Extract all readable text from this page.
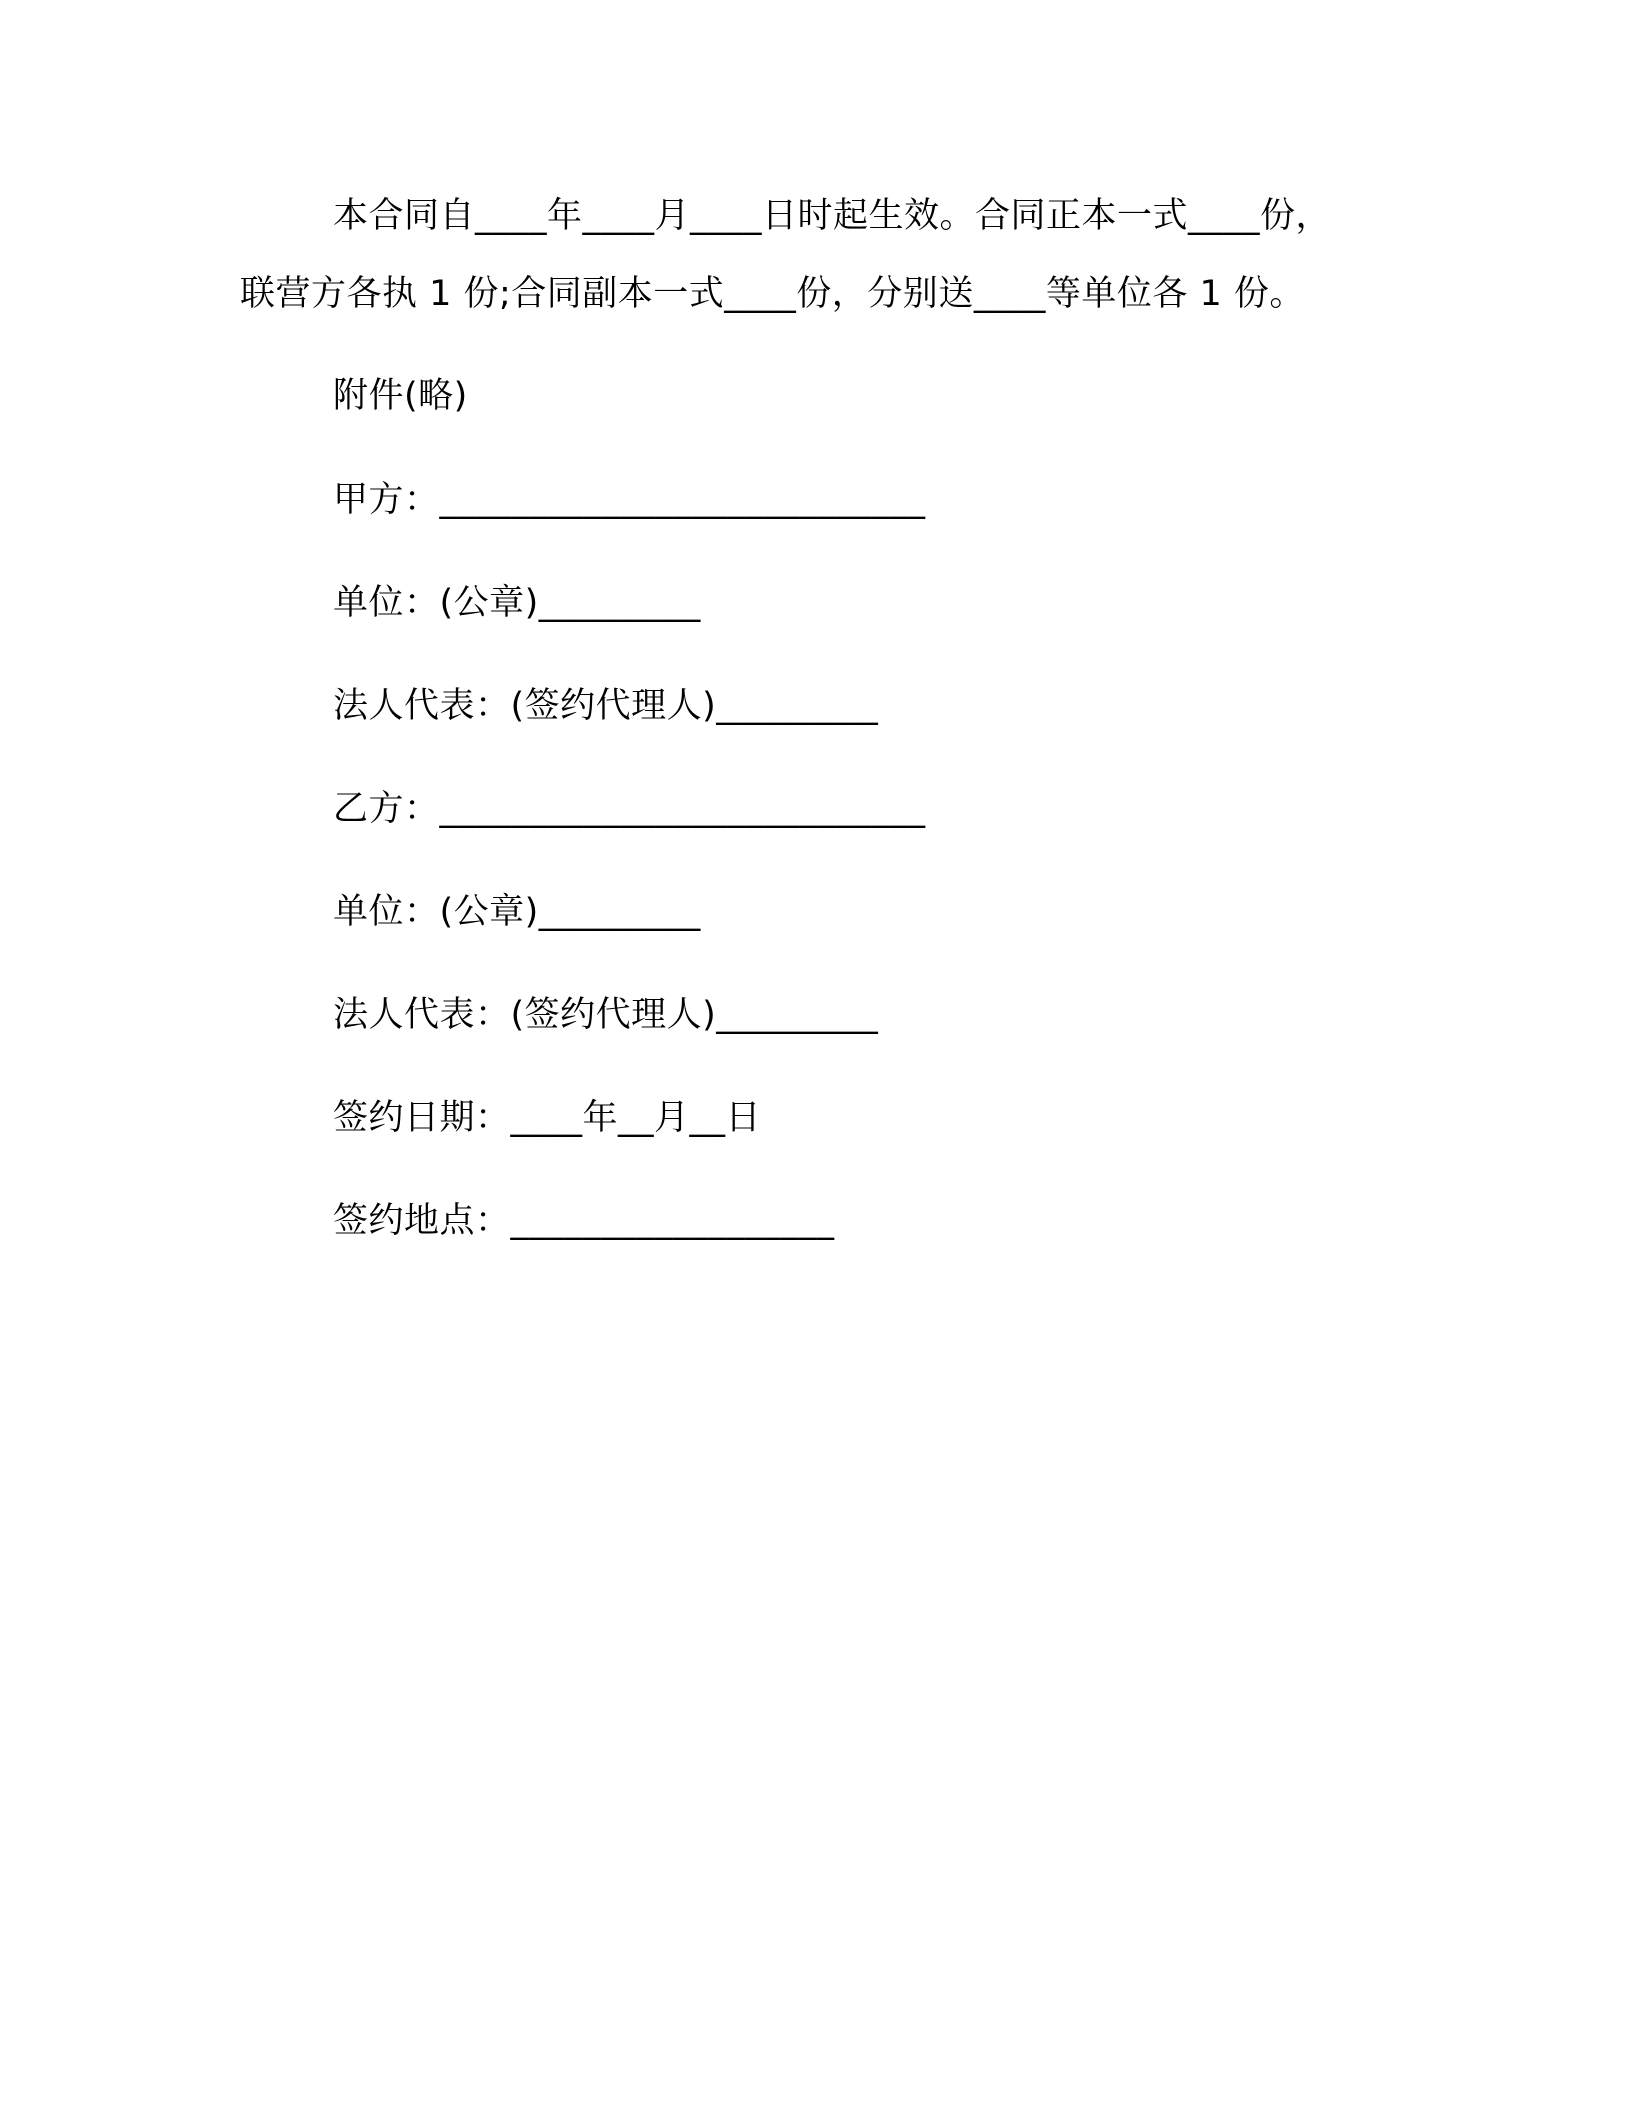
本合同自____年____月____日时起生效。合同正本一式____份，
联营方各执 1 份;合同副本一式____份，分别送____等单位各 1 份。
附件(略)
甲方：___________________________
单位：(公章)_________
法人代表：(签约代理人)_________
乙方：___________________________
单位：(公章)_________
法人代表：(签约代理人)_________
签约日期：____年__月__日
签约地点：__________________
